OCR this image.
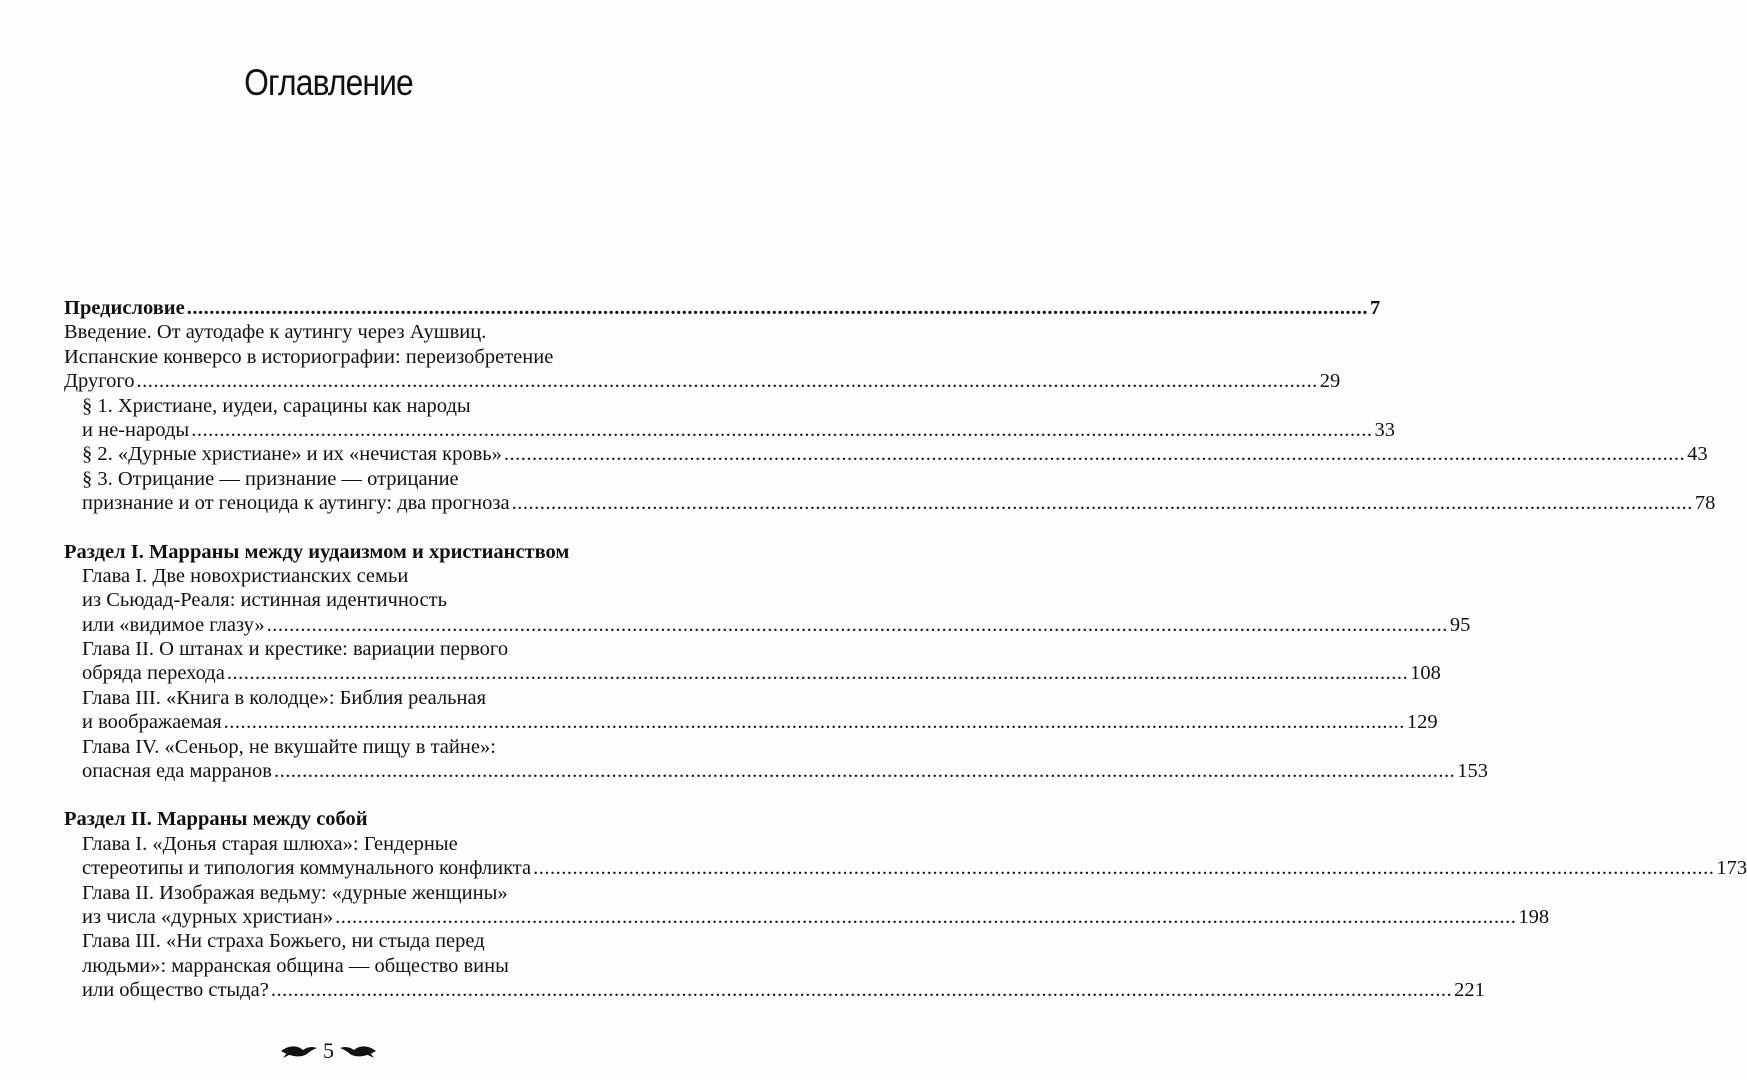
Оглавление
Предисловие .....	7
Введение. От аутодафе к аутингу через Аушвиц.
Испанские конверсо в историографии: переизобретение
Другого .....	29
§ 1. Христиане, иудеи, сарацины как народы
и не-народы .....	33
§ 2. «Дурные христиане» и их «нечистая кровь» .....	43
§ 3. Отрицание — признание — отрицание
признание и от геноцида к аутингу: два прогноза .....	78
Раздел I. Марраны между иудаизмом и христианством
Глава I. Две новохристианских семьи
из Сьюдад-Реаля: истинная идентичность
или «видимое глазу» .....	95
Глава II. О штанах и крестике: вариации первого
обряда перехода .....	108
Глава III. «Книга в колодце»: Библия реальная
и воображаемая .....	129
Глава IV. «Сеньор, не вкушайте пищу в тайне»:
опасная еда марранов .....	153
Раздел II. Марраны между собой
Глава I. «Донья старая шлюха»: Гендерные
стереотипы и типология коммунального конфликта .....	173
Глава II. Изображая ведьму: «дурные женщины»
из числа «дурных христиан» .....	198
Глава III. «Ни страха Божьего, ни стыда перед
людьми»: марранская община — общество вины
или общество стыда? .....	221
5
